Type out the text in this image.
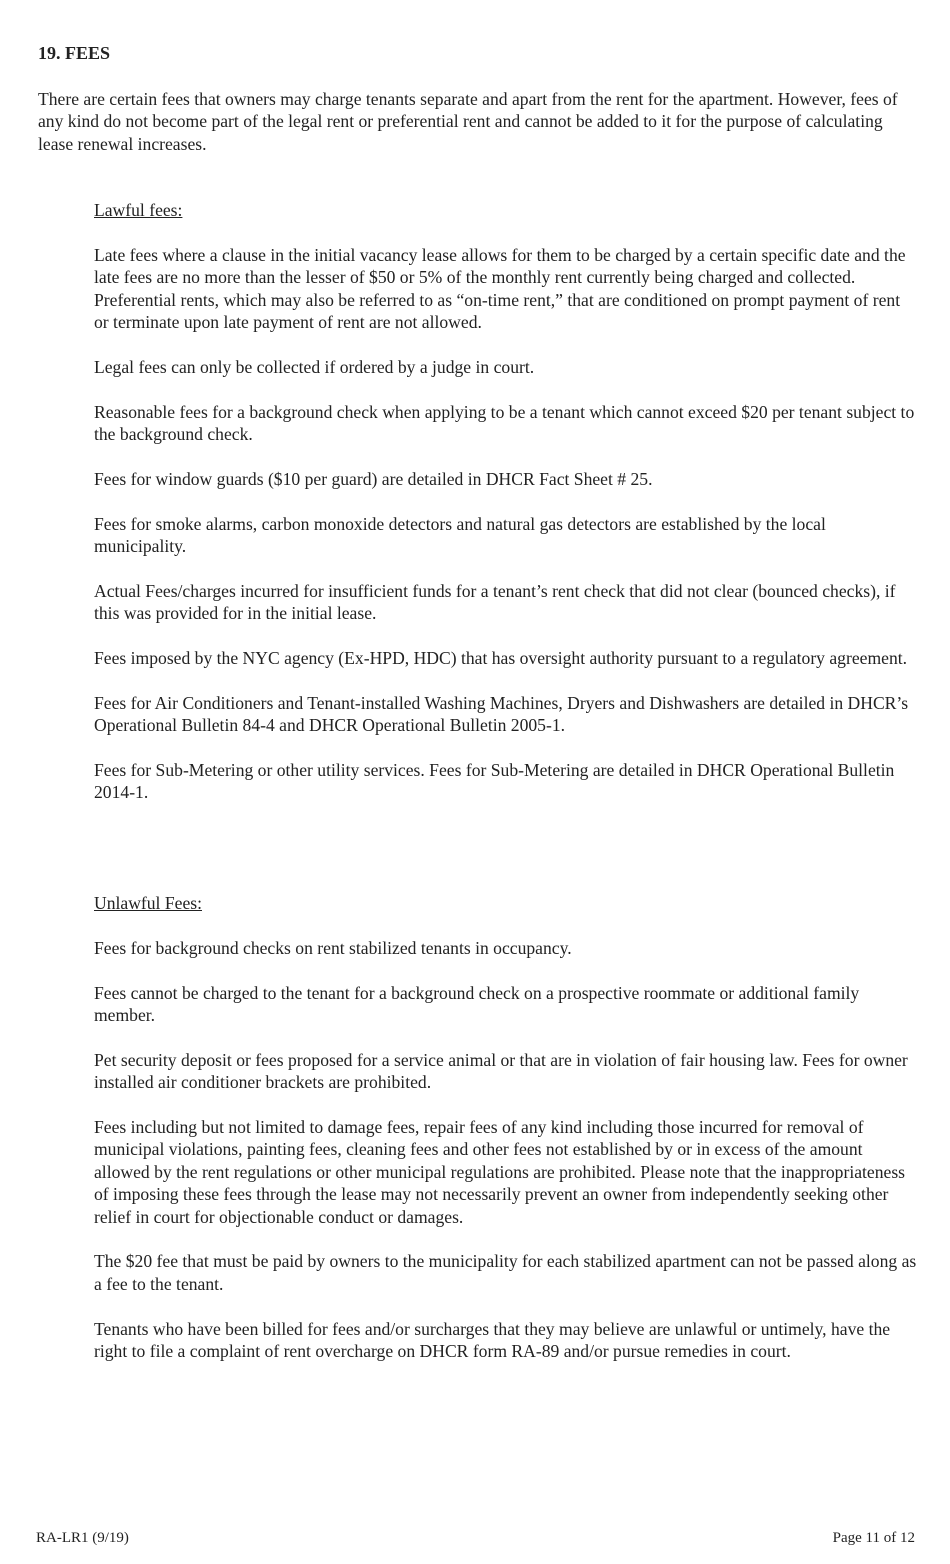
19. FEES

There are certain fees that owners may charge tenants separate and apart from the rent for the apartment. However, fees of any kind do not become part of the legal rent or preferential rent and cannot be added to it for the purpose of calculating lease renewal increases.

Lawful fees:

Late fees where a clause in the initial vacancy lease allows for them to be charged by a certain specific date and the late fees are no more than the lesser of $50 or 5% of the monthly rent currently being charged and collected. Preferential rents, which may also be referred to as “on-time rent,” that are conditioned on prompt payment of rent or terminate upon late payment of rent are not allowed.

Legal fees can only be collected if ordered by a judge in court.

Reasonable fees for a background check when applying to be a tenant which cannot exceed $20 per tenant subject to the background check.

Fees for window guards ($10 per guard) are detailed in DHCR Fact Sheet # 25.

Fees for smoke alarms, carbon monoxide detectors and natural gas detectors are established by the local municipality.

Actual Fees/charges incurred for insufficient funds for a tenant’s rent check that did not clear (bounced checks), if this was provided for in the initial lease.

Fees imposed by the NYC agency (Ex-HPD, HDC) that has oversight authority pursuant to a regulatory agreement.

Fees for Air Conditioners and Tenant-installed Washing Machines, Dryers and Dishwashers are detailed in DHCR’s Operational Bulletin 84-4 and DHCR Operational Bulletin 2005-1.

Fees for Sub-Metering or other utility services. Fees for Sub-Metering are detailed in DHCR Operational Bulletin 2014-1.

Unlawful Fees:

Fees for background checks on rent stabilized tenants in occupancy.

Fees cannot be charged to the tenant for a background check on a prospective roommate or additional family member.

Pet security deposit or fees proposed for a service animal or that are in violation of fair housing law. Fees for owner installed air conditioner brackets are prohibited.

Fees including but not limited to damage fees, repair fees of any kind including those incurred for removal of municipal violations, painting fees, cleaning fees and other fees not established by or in excess of the amount allowed by the rent regulations or other municipal regulations are prohibited. Please note that the inappropriateness of imposing these fees through the lease may not necessarily prevent an owner from independently seeking other relief in court for objectionable conduct or damages.

The $20 fee that must be paid by owners to the municipality for each stabilized apartment can not be passed along as a fee to the tenant.

Tenants who have been billed for fees and/or surcharges that they may believe are unlawful or untimely, have the right to file a complaint of rent overcharge on DHCR form RA-89 and/or pursue remedies in court.

RA-LR1 (9/19)	Page 11 of 12
